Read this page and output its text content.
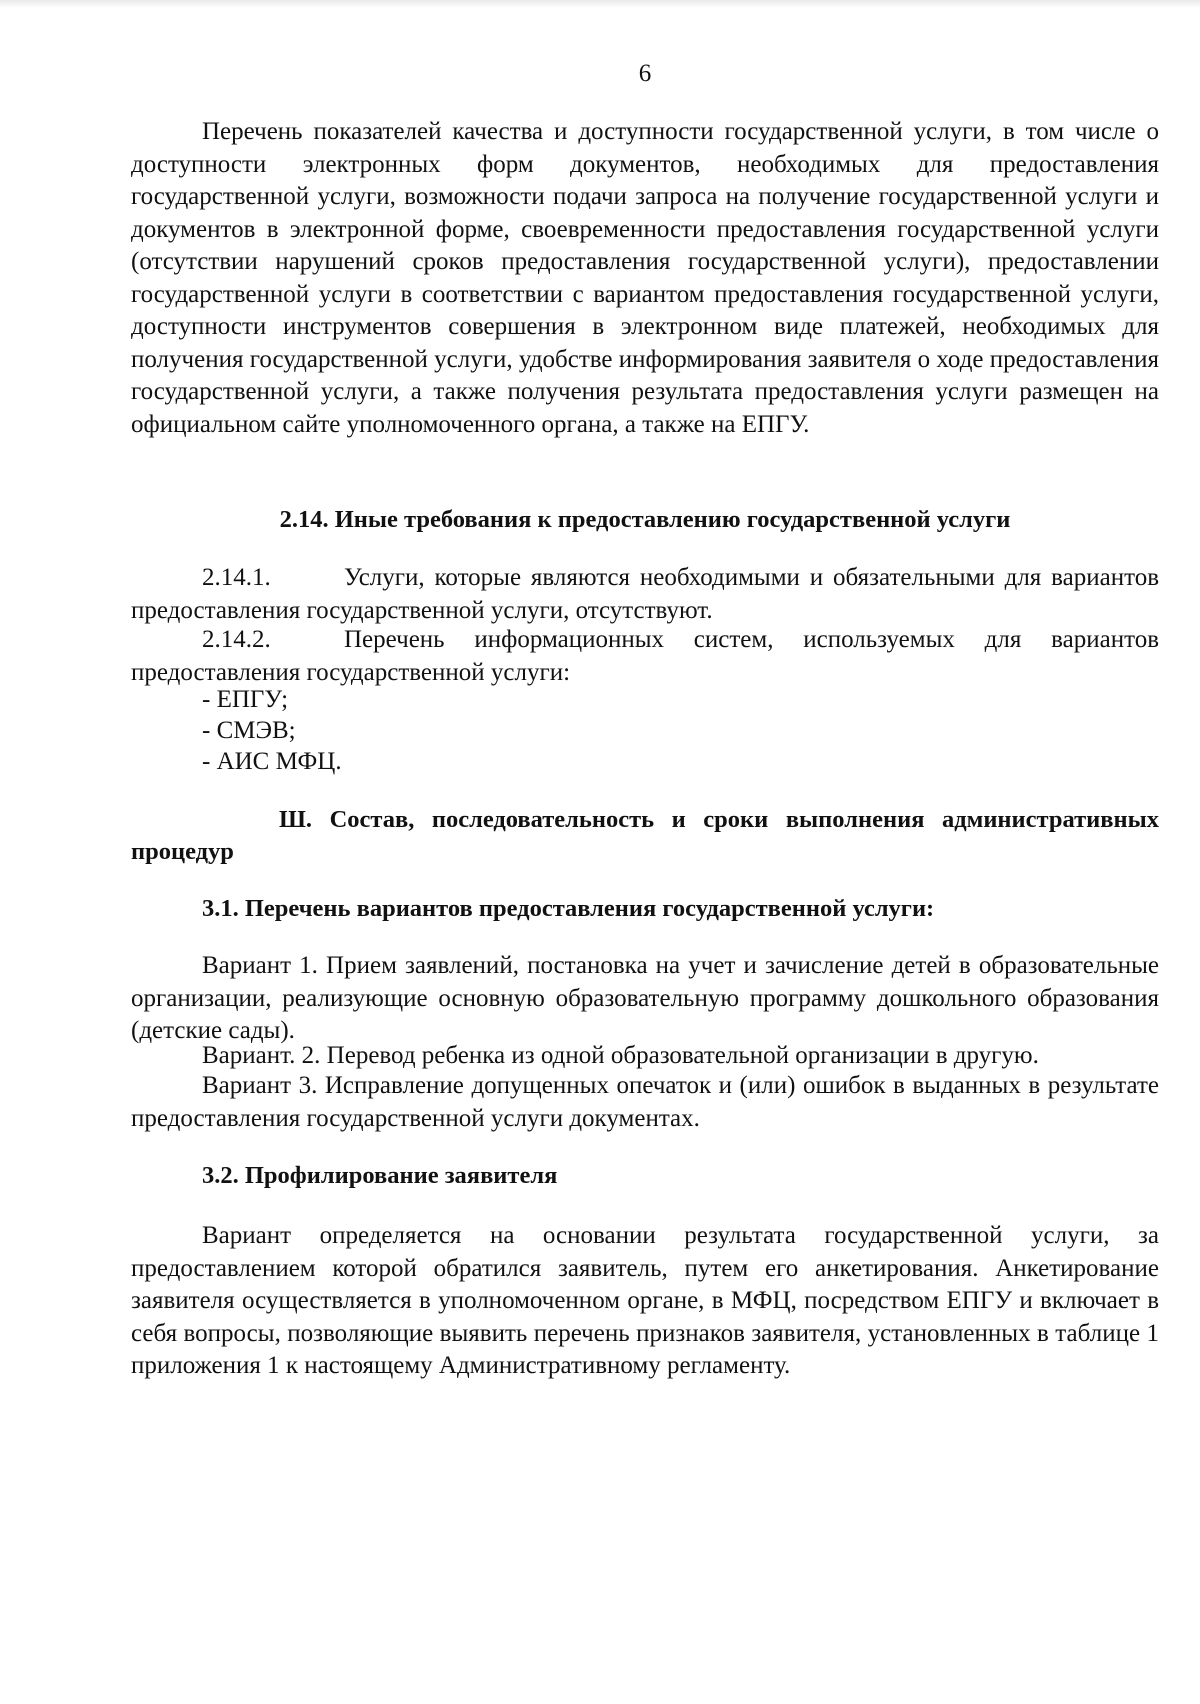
6

Перечень показателей качества и доступности государственной услуги, в том числе о доступности электронных форм документов, необходимых для предоставления государственной услуги, возможности подачи запроса на получение государственной услуги и документов в электронной форме, своевременности предоставления государственной услуги (отсутствии нарушений сроков предоставления государственной услуги), предоставлении государственной услуги в соответствии с вариантом предоставления государственной услуги, доступности инструментов совершения в электронном виде платежей, необходимых для получения государственной услуги, удобстве информирования заявителя о ходе предоставления государственной услуги, а также получения результата предоставления услуги размещен на официальном сайте уполномоченного органа, а также на ЕПГУ.

2.14. Иные требования к предоставлению государственной услуги

2.14.1.	Услуги, которые являются необходимыми и обязательными для вариантов предоставления государственной услуги, отсутствуют.

2.14.2.	Перечень информационных систем, используемых для вариантов предоставления государственной услуги:

- ЕПГУ;
- СМЭВ;
- АИС МФЦ.
Ш. Состав, последовательность и сроки выполнения административных процедур
3.1. Перечень вариантов предоставления государственной услуги:

Вариант 1. Прием заявлений, постановка на учет и зачисление детей в образовательные организации, реализующие основную образовательную программу дошкольного образования (детские сады).

Вариант. 2. Перевод ребенка из одной образовательной организации в другую.

Вариант 3. Исправление допущенных опечаток и (или) ошибок в выданных в результате предоставления государственной услуги документах.

3.2. Профилирование заявителя

Вариант определяется на основании результата государственной услуги, за предоставлением которой обратился заявитель, путем его анкетирования. Анкетирование заявителя осуществляется в уполномоченном органе, в МФЦ, посредством ЕПГУ и включает в себя вопросы, позволяющие выявить перечень признаков заявителя, установленных в таблице 1 приложения 1 к настоящему Административному регламенту.
